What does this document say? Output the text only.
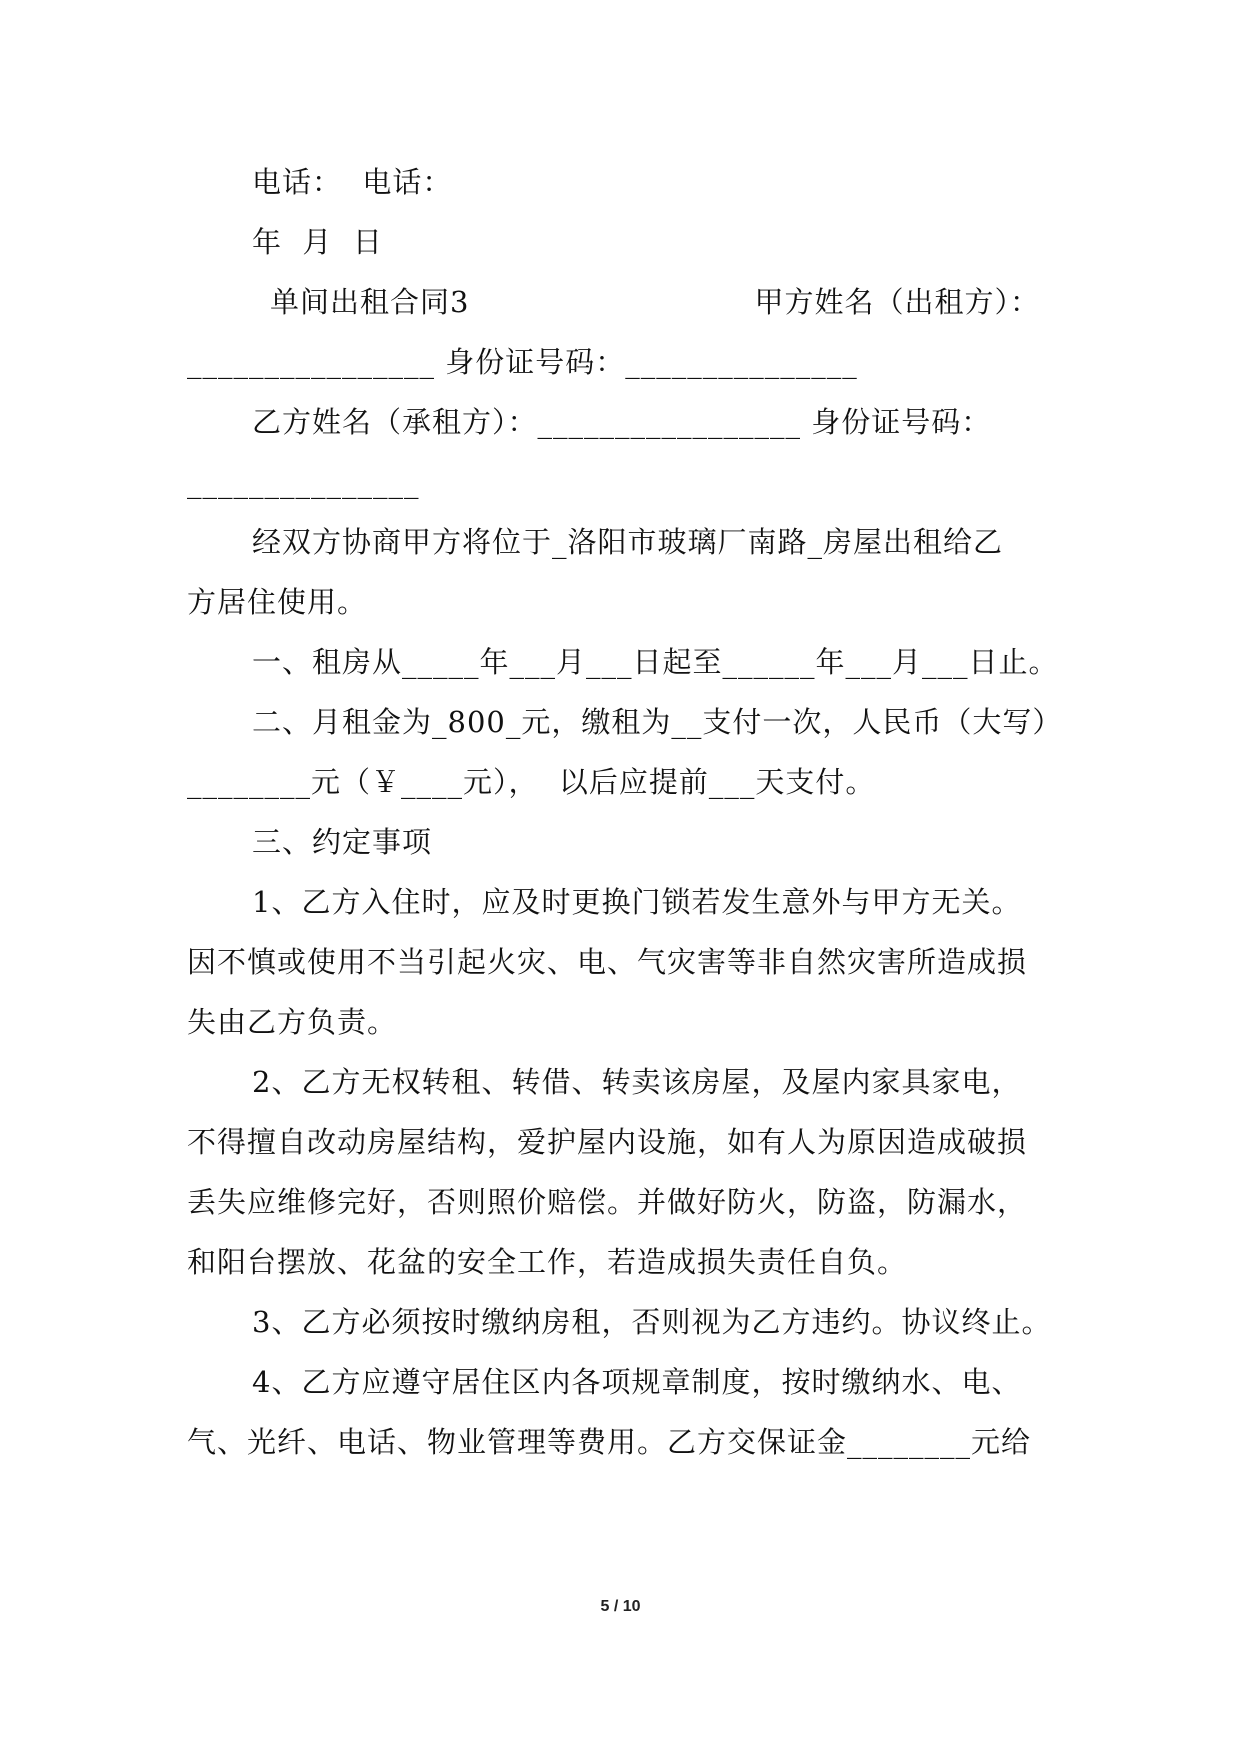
电话：  电话：
年  月  日
单间出租合同3	甲方姓名（出租方）：
________________ 身份证号码：_______________
乙方姓名（承租方）：_________________ 身份证号码：
_______________
经双方协商甲方将位于_洛阳市玻璃厂南路_房屋出租给乙
方居住使用。
一、租房从_____年___月___日起至______年___月___日止。
二、月租金为_800_元，缴租为__支付一次，人民币（大写）
________元（￥____元），  以后应提前___天支付。
三、约定事项
1、乙方入住时，应及时更换门锁若发生意外与甲方无关。
因不慎或使用不当引起火灾、电、气灾害等非自然灾害所造成损
失由乙方负责。
2、乙方无权转租、转借、转卖该房屋，及屋内家具家电，
不得擅自改动房屋结构，爱护屋内设施，如有人为原因造成破损
丢失应维修完好，否则照价赔偿。并做好防火，防盗，防漏水，
和阳台摆放、花盆的安全工作，若造成损失责任自负。
3、乙方必须按时缴纳房租，否则视为乙方违约。协议终止。
4、乙方应遵守居住区内各项规章制度，按时缴纳水、电、
气、光纤、电话、物业管理等费用。乙方交保证金________元给
5 / 10
